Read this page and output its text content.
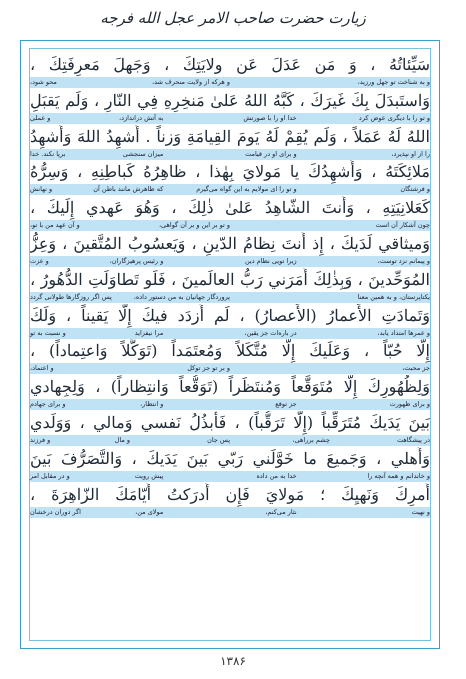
زیارت حضرت صاحب الامر عجل الله فرجه
سَيِّئاتُهُ ، وَ مَن عَدَلَ عَن ولايَتِكَ ، وَجَهلَ مَعرِفَتِكَ ،
و به شناخت تو جهل ورزید،
و هرکه از ولایت منحرف شد،
محو شود،
وَاستَبدَلَ بِكَ غَيرَكَ ، كَبَّهُ اللهُ عَلىٰ مَنخِرِهِ فِي النّارِ ، وَلَم يَقبَلِ
و تو را با دیگری عوض کرد
خدا او را با صورتش
به آتش دراندازد،
و عملی
اللهُ لَهُ عَمَلاً ، وَلَم يُقِمْ لَهُ يَومَ القِيامَةِ وَزناً . أُشهِدُ اللهَ وَأُشهِدُ
را از او نپذیرد،
و برای او در قیامت
میزان سنجشی
برپا نکند. خدا
مَلائِكَتَهُ ، وَأُشهِدُكَ يا مَولايَ بِهٰذا ، ظاهِرُهُ كَباطِنِهِ ، وَسِرُّهُ
و فرشتگان
و تو را ای مولایم به این گواه می‌گیرم
که ظاهرش مانند باطن آن
و نهانش
كَعَلانِيَتِهِ ، وَأَنتَ الشّاهِدُ عَلىٰ ذٰلِكَ ، وَهُوَ عَهدي إِلَيكَ ،
چون آشکار آن است
و تو بر این و بر آن گواهی،
و آن عهد من با تو،
وَميثاقي لَدَيكَ ، إِذ أَنتَ نِظامُ الدّينِ ، وَيَعسُوبُ المُتَّقينَ ، وَعِزُّ
و پیمانم نزد توست،
زیرا تویی نظام دین
و رئیس پرهیزگاران،
و عزت
المُوَحِّدينَ ، وَبِذٰلِكَ أَمَرَني رَبُّ العالَمينَ ، فَلَو تَطاوَلَتِ الدُّهُورُ ،
یکتاپرستان، و به همین معنا
پروردگار جهانیان به من دستور داده،
پس اگر روزگارها طولانی گردد
وَتَمادَتِ الأَعمارُ (الأَعصارُ) ، لَم أَزدَد فيكَ إِلّا يَقيناً ، وَلَكَ
و عمرها امتداد یابد،
در باره‌ات جز یقین،
مرا نیفزاید
و نسبت به تو
إِلّا حُبّاً ، وَعَلَيكَ إِلّا مُتَّكَلاً وَمُعتَمَداً (تَوَكُّلاً وَاعتِماداً) ،
جز محبت،
و بر تو جز توکل
و اعتماد،
وَلِظُهُورِكَ إِلّا مُتَوَقَّعاً وَمُنتَظَراً (تَوَقُّعاً وَانتِظاراً) ، وَلِجِهادي
و برای ظهورت
جز توقع
و انتظار،
و برای جهادم
بَينَ يَدَيكَ مُتَرَقِّباً (إِلّا تَرَقُّباً) ، فَأَبذُلُ نَفسي وَمالي ، وَوَلَدي
در پیشگاهت
چشم برراهی،
پس جان
و مال
و فرزند
وَأَهلي ، وَجَميعَ ما خَوَّلَني رَبّي بَينَ يَدَيكَ ، وَالتَّصَرُّفَ بَينَ
و خاندانم و همه آنچه را
خدا به من داده
پیش رویت
و در مقابل امر
أَمرِكَ وَنَهيِكَ ؛ مَولايَ فَإِن أَدرَكتُ أَيّامَكَ الزّاهِرَةَ ،
و نهیت
نثار می‌کنم،
مولای من،
اگر دوران درخشان
۱۳۸۶
